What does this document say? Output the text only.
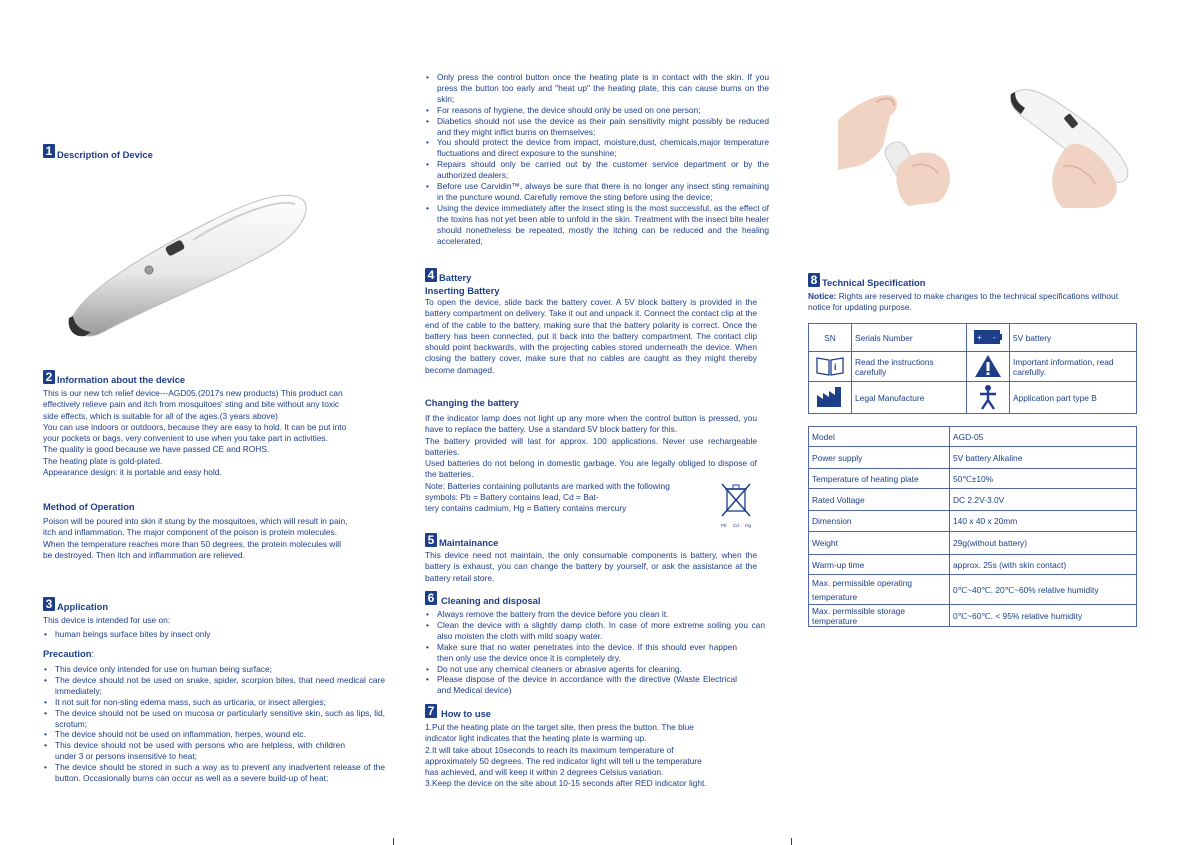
1 Description of Device
2 Information about the device

This is our new tch relief device---AGD05.(2017s new products) This product can

effectively relieve pain and itch from mosquitoes' sting and bite without any toxic

side effects, which is suitable for all of the ages.(3 years above)

You can use indoors or outdoors, because they are easy to hold. It can be put into

your pockets or bags, very convenient to use when you take part in activities.

The quality is good because we have passed CE and ROHS.

The heating plate is gold-plated.

Appearance design: it is portable and easy hold.

Method of Operation

Poison will be poured into skin if stung by the mosquitoes, which will result in pain,

itch and inflammation. The major component of the poison is protein molecules.

When the temperature reaches more than 50 degrees, the protein molecules will

be destroyed. Then itch and inflammation are relieved.

3 Application

This device is intended for use on:

• human beings surface bites by insect only
Precaution:
• This device only intended for use on human being surface;
• The device should not be used on snake, spider, scorpion bites, that need medical care immediately;
• It not suit for non-sting edema mass, such as urticaria, or insect allergies;
• The device should not be used on mucosa or particularly sensitive skin, such as lips, lid, scrotum;
• The device should not be used on inflammation, herpes, wound etc.
• This device should not be used with persons who are helpless, with children under 3 or persons insensitive to heat;
• The device should be stored in such a way as to prevent any inadvertent release of the button. Occasionally burns can occur as well as a severe build-up of heat;
• Only press the control button once the heating plate is in contact with the skin. If you press the button too early and "heat up" the heating plate, this can cause burns on the skin;
• For reasons of hygiene, the device should only be used on one person;
• Diabetics should not use the device as their pain sensitivity might possibly be reduced and they might inflict burns on themselves;
• You should protect the device from impact, moisture,dust, chemicals,major temperature fluctuations and direct exposure to the sunshine;
• Repairs should only be carried out by the customer service department or by the authorized dealers;
• Before use Carvidin™, always be sure that there is no longer any insect sting remaining in the puncture wound. Carefully remove the sting before using the device;
• Using the device immediately after the insect sting is the most successful, as the effect of the toxins has not yet been able to unfold in the skin. Treatment with the insect bite healer should nonetheless be repeated, mostly the itching can be reduced and the healing accelerated;
4 Battery
Inserting Battery

To open the device, slide back the battery cover. A 5V block battery is provided in the battery compartment on delivery. Take it out and unpack it. Connect the contact clip at the end of the cable to the battery, making sure that the battery polarity is correct. Once the battery has been connected, put it back into the battery compartment. The contact clip should point backwards, with the projecting cables stored underneath the device. When closing the battery cover, make sure that no cables are caught as they might thereby become damaged.

Changing the battery

If the indicator lamp does not light up any more when the control button is pressed, you have to replace the battery. Use a standard 5V block battery for this.

The battery provided will last for approx. 100 applications. Never use rechargeable batteries.

Used batteries do not belong in domestic garbage. You are legally obliged to dispose of the batteries.

Note: Batteries containing pollutants are marked with the following

symbols: Pb = Battery contains lead, Cd = Bat-

tery contains cadmium, Hg = Battery contains mercury

Pb Cd Hg
5 Maintainance

This device need not maintain, the only consumable components is battery, when the battery is exhaust, you can change the battery by yourself, or ask the assistance at the battery retail store.

6 Cleaning and disposal
• Always remove the battery from the device before you clean it.
• Clean the device with a slightly damp cloth. In case of more extreme soiling you can also moisten the cloth with mild soapy water.
• Make sure that no water penetrates into the device. If this should ever happen then only use the device once it is completely dry.
• Do not use any chemical cleaners or abrasive agents for cleaning.
• Please dispose of the device in accordance with the directive (Waste Electrical and Medical device)
7 How to use

1.Put the heating plate on the target site, then press the button. The blue

indicator light indicates that the heating plate is warming up.

2.It will take about 10seconds to reach its maximum temperature of

approximately 50 degrees. The red indicator light will tell u the temperature

has achieved, and will keep it within 2 degrees Celsius variation.

3.Keep the device on the site about 10-15 seconds after RED indicator light.

8 Technical Specification

Notice: Rights are reserved to make changes to the technical specifications without notice for updating purpose.

SN	Serials Number	+ -	5V battery

i	Read the instructions carefully		Important information, read carefully.
	Legal Manufacture		Application part type B
Model	AGD-05
Power supply	5V battery Alkaline
Temperature of heating plate	50℃±10%
Rated Voltage	DC 2.2V-3.0V
Dimension	140 x 40 x 20mm
Weight	29g(without battery)
Warm-up time	approx. 25s (with skin contact)
Max. permissible operating temperature	0℃~40℃. 20℃~60% relative humidity
Max. permissible storage temperature	0℃~60℃. < 95% relative humidity
